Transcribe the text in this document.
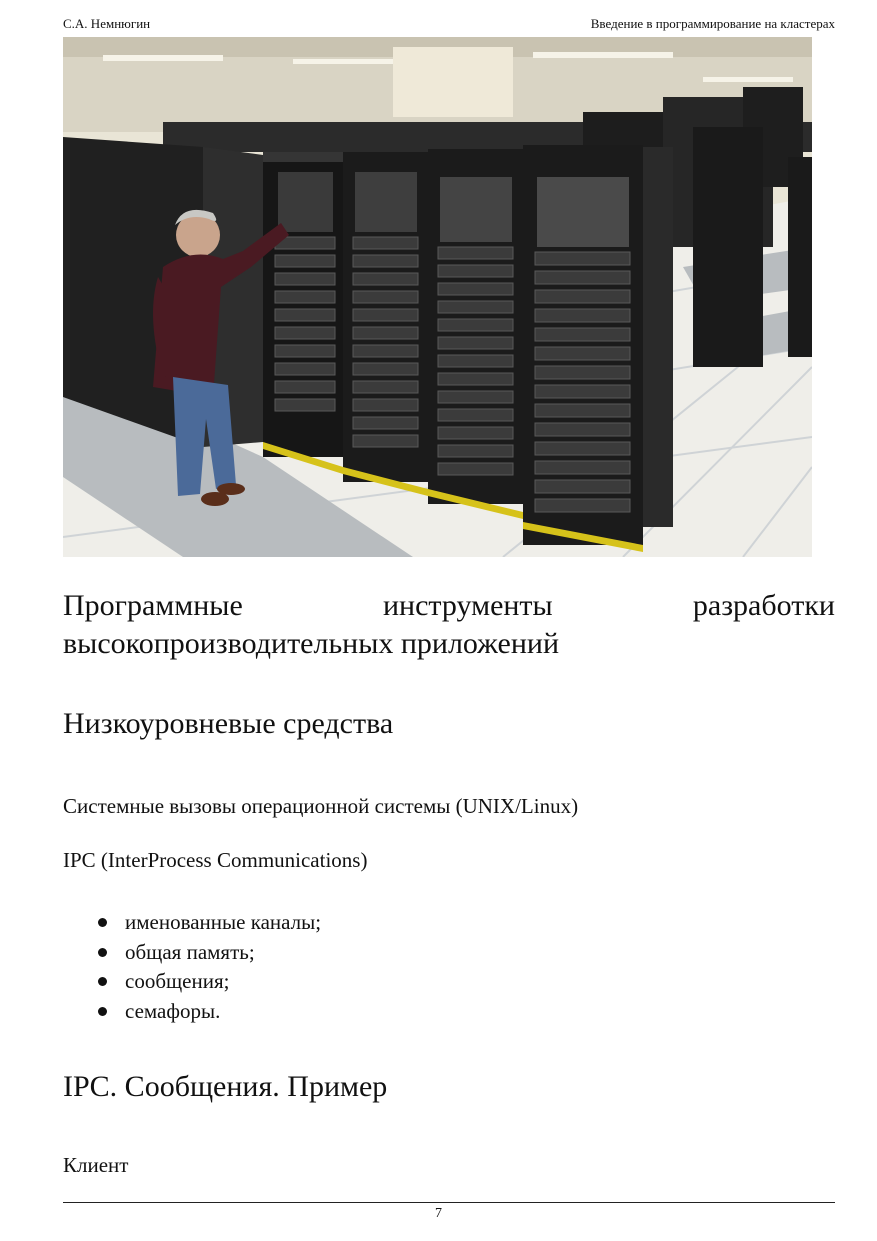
С.А. Немнюгин	Введение в программирование на кластерах
Программные	инструменты	разработки
высокопроизводительных приложений
Низкоуровневые средства

Системные вызовы операционной системы (UNIX/Linux)

IPC (InterProcess Communications)

именованные каналы;
общая память;
сообщения;
семафоры.
IPC. Сообщения. Пример

Клиент

7
